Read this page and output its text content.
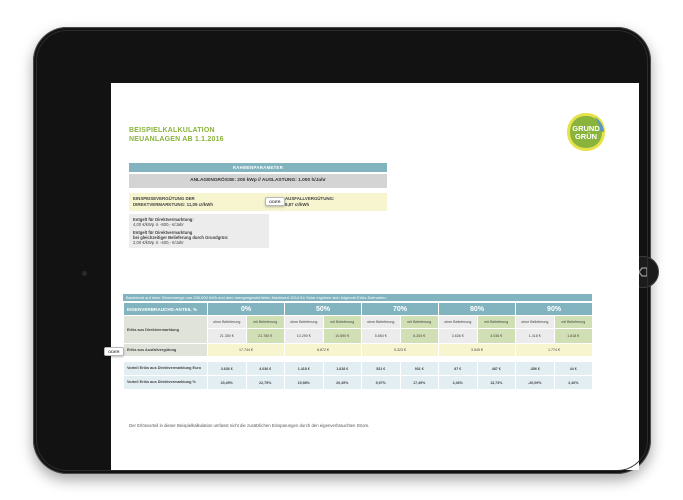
BEISPIELKALKULATION
NEUANLAGEN AB 1.1.2016
GRUND
GRÜN
RAHMENPARAMETER
ANLAGENGRÖSSE: 200 kWp // AUSLASTUNG: 1.000 h/Jahr
EINSPEISEVERGÜTUNG DER
DIREKTVERMARKTUNG: 11,09 ct/kWh
AUSFALLVERGÜTUNG:
8,87 ct/kWh
ODER

Entgelt für Direktvermarktung:
4,00 €/kWp ≙ -800,- €/Jahr

Entgelt für Direktvermarktung
bei gleichzeitiger Belieferung durch Grundgrün:
2,00 €/kWp ≙ -400,- €/Jahr

Basierend auf einer Strommenge von 200.000 kWh und dem mengengewichteten Marktwert 2014 für Solar ergeben sich folgende Erlös-Szenarien:
EIGENVERBRAUCHS-ANTEIL %	0%		50%		70%		80%		90%	
Erlös aus Direktvermarktung	ohne Belieferung	mit Belieferung	ohne Belieferung	mit Belieferung	ohne Belieferung	mit Belieferung	ohne Belieferung	mit Belieferung	ohne Belieferung	mit Belieferung
	21.350 €	21.780 €	10.290 €	10.690 €	5.854 €	6.254 €	3.636 €	4.036 €	1.418 €	1.818 €
Erlös aus Ausfallvergütung	17.744 €		8.872 €		5.323 €		3.549 €		1.774 €	

Vorteil Erlös aus Direktvermarktung Euro	3.636 €	4.036 €	1.418 €	1.818 €	531 €	931 €	87 €	487 €	-356 €	44 €
Vorteil Erlös aus Direktvermarktung %	20,49%	22,75%	15,98%	20,49%	9,97%	17,49%	2,46%	13,73%	-20,09%	2,46%
ODER
Der Erlösvorteil in dieser Beispielkalkulation umfasst nicht die zusätzlichen Einsparungen durch den eigenverbrauchten Strom.
